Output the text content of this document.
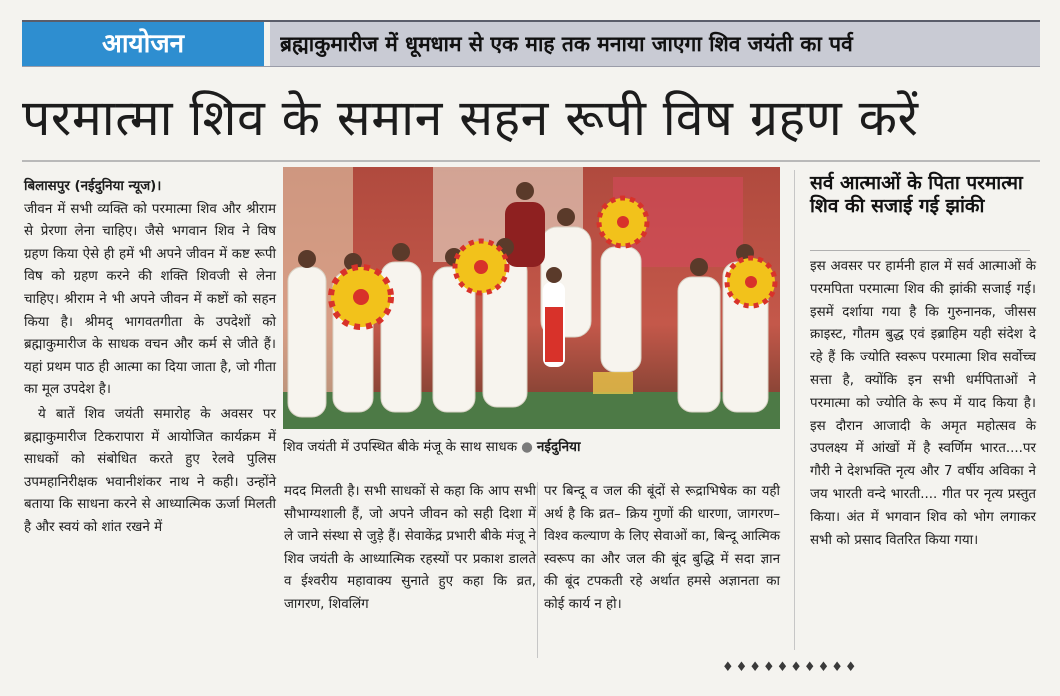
आयोजन	ब्रह्माकुमारीज में धूमधाम से एक माह तक मनाया जाएगा शिव जयंती का पर्व
परमात्मा शिव के समान सहन रूपी विष ग्रहण करें

बिलासपुर (नईदुनिया न्यूज)।
जीवन में सभी व्यक्ति को परमात्मा शिव और श्रीराम से प्रेरणा लेना चाहिए। जैसे भगवान शिव ने विष ग्रहण किया ऐसे ही हमें भी अपने जीवन में कष्ट रूपी विष को ग्रहण करने की शक्ति शिवजी से लेना चाहिए। श्रीराम ने भी अपने जीवन में कष्टों को सहन किया है। श्रीमद् भागवतगीता के उपदेशों को ब्रह्माकुमारीज के साधक वचन और कर्म से जीते हैं। यहां प्रथम पाठ ही आत्मा का दिया जाता है, जो गीता का मूल उपदेश है।

ये बातें शिव जयंती समारोह के अवसर पर ब्रह्माकुमारीज टिकरापारा में आयोजित कार्यक्रम में साधकों को संबोधित करते हुए रेलवे पुलिस उपमहानिरीक्षक भवानीशंकर नाथ ने कही। उन्होंने बताया कि साधना करने से आध्यात्मिक ऊर्जा मिलती है और स्वयं को शांत रखने में

शिव जयंती में उपस्थित बीके मंजू के साथ साधक ● नईदुनिया

मदद मिलती है। सभी साधकों से कहा कि आप सभी सौभाग्यशाली हैं, जो अपने जीवन को सही दिशा में ले जाने संस्था से जुड़े हैं। सेवाकेंद्र प्रभारी बीके मंजू ने शिव जयंती के आध्यात्मिक रहस्यों पर प्रकाश डालते व ईश्वरीय महावाक्य सुनाते हुए कहा कि व्रत, जागरण, शिवलिंग

पर बिन्दू व जल की बूंदों से रूद्राभिषेक का यही अर्थ है कि व्रत– क्रिय गुणों की धारणा, जागरण– विश्व कल्याण के लिए सेवाओं का, बिन्दू आत्मिक स्वरूप का और जल की बूंद बुद्धि में सदा ज्ञान की बूंद टपकती रहे अर्थात हमसे अज्ञानता का कोई कार्य न हो।

सर्व आत्माओं के पिता परमात्मा शिव की सजाई गई झांकी

इस अवसर पर हार्मनी हाल में सर्व आत्माओं के परमपिता परमात्मा शिव की झांकी सजाई गई। इसमें दर्शाया गया है कि गुरुनानक, जीसस क्राइस्ट, गौतम बुद्ध एवं इब्राहिम यही संदेश दे रहे हैं कि ज्योति स्वरूप परमात्मा शिव सर्वोच्च सत्ता है, क्योंकि इन सभी धर्मपिताओं ने परमात्मा को ज्योति के रूप में याद किया है। इस दौरान आजादी के अमृत महोत्सव के उपलक्ष्य में आंखों में है स्वर्णिम भारत....पर गौरी ने देशभक्ति नृत्य और 7 वर्षीय अविका ने जय भारती वन्दे भारती.... गीत पर नृत्य प्रस्तुत किया। अंत में भगवान शिव को भोग लगाकर सभी को प्रसाद वितरित किया गया।

♦♦♦♦♦♦♦♦♦♦
